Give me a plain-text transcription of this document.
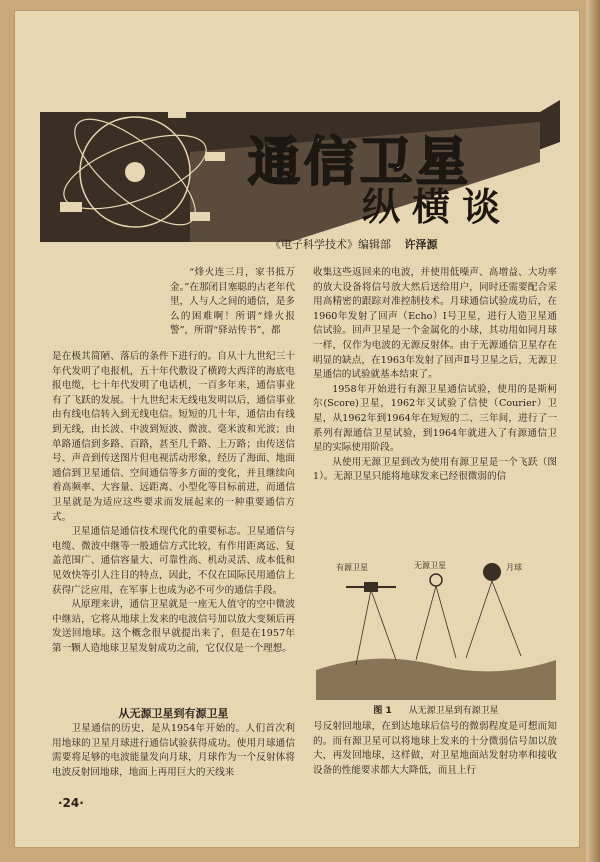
通信卫星
纵横谈
《电子科学技术》编辑部 许泽源

“烽火连三月，家书抵万金。”在那闭目塞聪的古老年代里，人与人之间的通信，是多么的困难啊！所谓“烽火报警”，所谓“驿站传书”，都

是在极其简陋、落后的条件下进行的。自从十九世纪三十年代发明了电报机，五十年代敷设了横跨大西洋的海底电报电缆，七十年代发明了电话机，一百多年来，通信事业有了飞跃的发展。十九世纪末无线电发明以后，通信事业由有线电信转入到无线电信。短短的几十年，通信由有线到无线，由长波、中波到短波、微波、毫米波和光波；由单路通信到多路、百路，甚至几千路、上万路；由传送信号、声音到传送图片但电视活动形象，经历了海面、地面通信到卫星通信、空间通信等多方面的变化，并且继续向着高频率、大容量、远距离、小型化等目标前进，而通信卫星就是为适应这些要求而发展起来的一种重要通信方式。

卫星通信是通信技术现代化的重要标志。卫星通信与电缆、微波中继等一般通信方式比较，有作用距离远、复盖范围广、通信容量大、可靠性高、机动灵活、成本低和见效快等引人注目的特点，因此，不仅在国际民用通信上获得广泛应用，在军事上也成为必不可少的通信手段。

从原理来讲，通信卫星就是一座无人值守的空中微波中继站，它将从地球上发来的电波信号加以放大变频后再发送回地球。这个概念很早就提出来了，但是在1957年第一颗人造地球卫星发射成功之前，它仅仅是一个理想。

从无源卫星到有源卫星

卫星通信的历史，是从1954年开始的。人们首次利用地球的卫星月球进行通信试验获得成功。使用月球通信需要将足够的电波能量发向月球，月球作为一个反射体将电波反射回地球，地面上再用巨大的天线来

收集这些返回来的电波，并使用低噪声、高增益、大功率的放大设备将信号放大然后送给用户，同时还需要配合采用高精密的跟踪对准控制技术。月球通信试验成功后，在1960年发射了回声（Echo）Ⅰ号卫星，进行人造卫星通信试验。回声卫星是一个金属化的小球，其功用如同月球一样，仅作为电波的无源反射体。由于无源通信卫星存在明显的缺点，在1963年发射了回声Ⅱ号卫星之后，无源卫星通信的试验就基本结束了。

1958年开始进行有源卫星通信试验，使用的是斯柯尔(Score)卫星，1962年又试验了信使（Courier）卫星，从1962年到1964年在短短的二、三年间，进行了一系列有源通信卫星试验，到1964年就进入了有源通信卫星的实际使用阶段。

从使用无源卫星到改为使用有源卫星是一个飞跃（图1）。无源卫星只能将地球发来已经很微弱的信

有源卫星	无源卫星	月球
图 1 从无源卫星到有源卫星

号反射回地球，在到达地球后信号的微弱程度是可想而知的。而有源卫星可以将地球上发来的十分微弱信号加以放大，再发回地球，这样做，对卫星地面站发射功率和接收设备的性能要求都大大降低，而且上行

·24·
